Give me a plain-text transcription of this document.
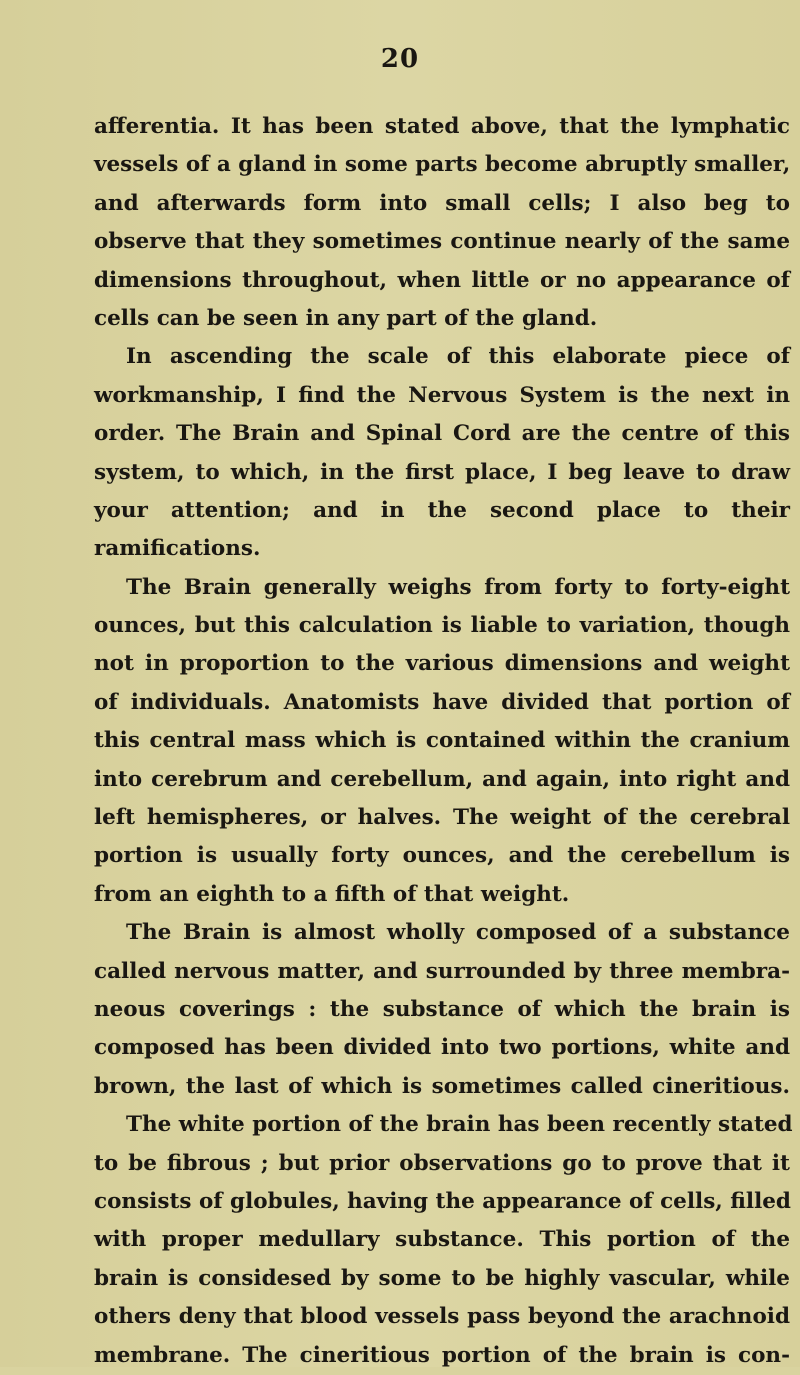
20
afferentia. It has been stated above, that the lymphatic
vessels of a gland in some parts become abruptly smaller,
and afterwards form into small cells; I also beg to
observe that they sometimes continue nearly of the same
dimensions throughout, when little or no appearance of
cells can be seen in any part of the gland.
In ascending the scale of this elaborate piece of
workmanship, I find the Nervous System is the next in
order. The Brain and Spinal Cord are the centre of this
system, to which, in the first place, I beg leave to draw
your attention; and in the second place to their
ramifications.
The Brain generally weighs from forty to forty-eight
ounces, but this calculation is liable to variation, though
not in proportion to the various dimensions and weight
of individuals. Anatomists have divided that portion of
this central mass which is contained within the cranium
into cerebrum and cerebellum, and again, into right and
left hemispheres, or halves. The weight of the cerebral
portion is usually forty ounces, and the cerebellum is
from an eighth to a fifth of that weight.
The Brain is almost wholly composed of a substance
called nervous matter, and surrounded by three membra-
neous coverings : the substance of which the brain is
composed has been divided into two portions, white and
brown, the last of which is sometimes called cineritious.
The white portion of the brain has been recently stated
to be fibrous ; but prior observations go to prove that it
consists of globules, having the appearance of cells, filled
with proper medullary substance. This portion of the
brain is considesed by some to be highly vascular, while
others deny that blood vessels pass beyond the arachnoid
membrane. The cineritious portion of the brain is con-
